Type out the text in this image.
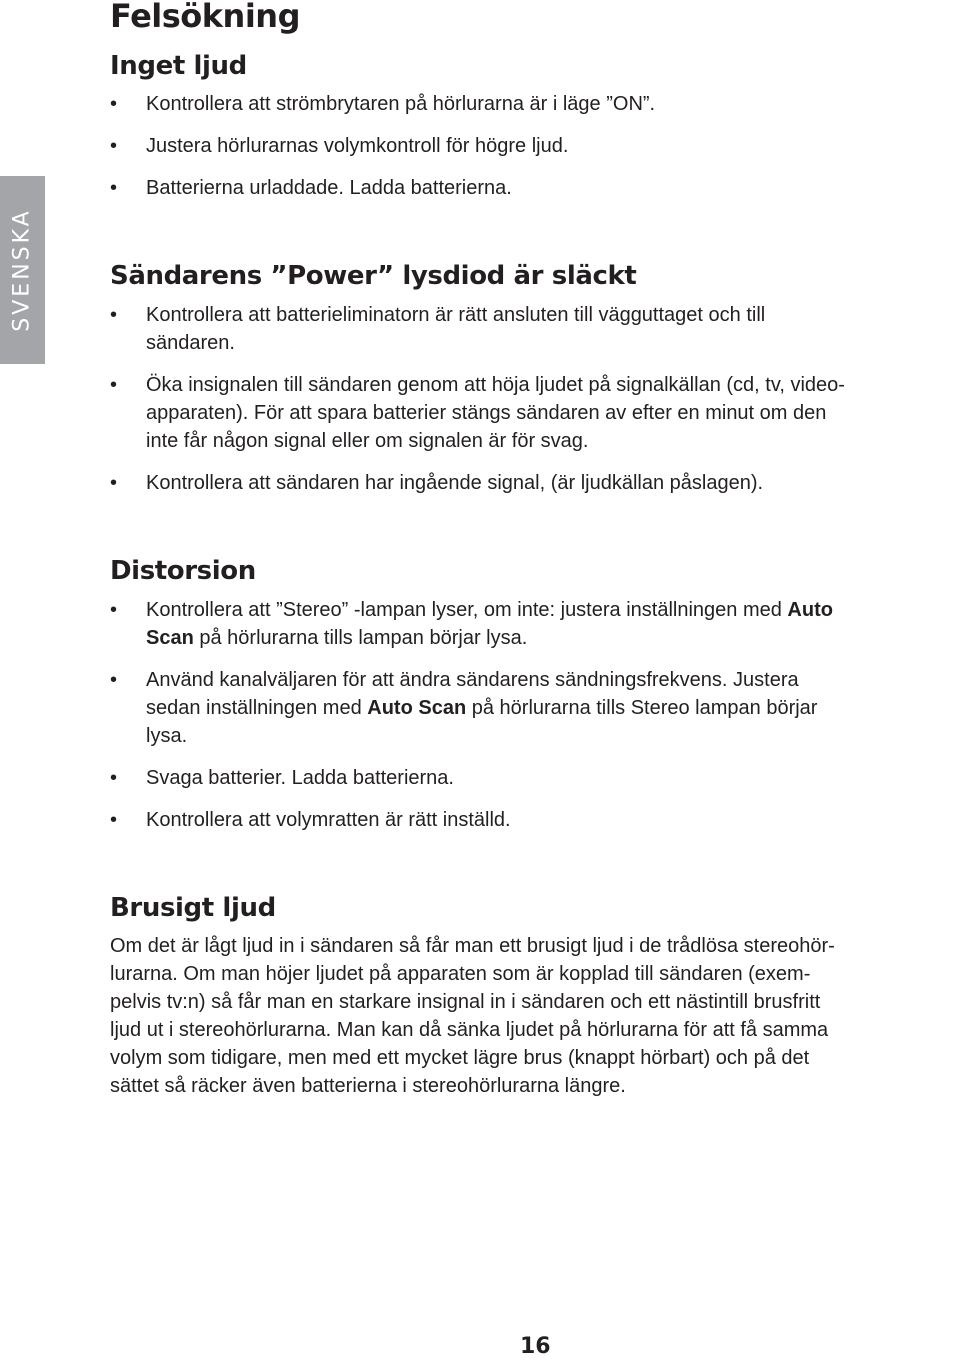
SVENSKA
Felsökning
Inget ljud
• Kontrollera att strömbrytaren på hörlurarna är i läge ”ON”.
• Justera hörlurarnas volymkontroll för högre ljud.
• Batterierna urladdade. Ladda batterierna.
Sändarens ”Power” lysdiod är släckt
• Kontrollera att batterieliminatorn är rätt ansluten till vägguttaget och till
sändaren.
• Öka insignalen till sändaren genom att höja ljudet på signalkällan (cd, tv, video-
apparaten). För att spara batterier stängs sändaren av efter en minut om den
inte får någon signal eller om signalen är för svag.
• Kontrollera att sändaren har ingående signal, (är ljudkällan påslagen).
Distorsion
• Kontrollera att ”Stereo” -lampan lyser, om inte: justera inställningen med Auto
Scan på hörlurarna tills lampan börjar lysa.
• Använd kanalväljaren för att ändra sändarens sändningsfrekvens. Justera
sedan inställningen med Auto Scan på hörlurarna tills Stereo lampan börjar
lysa.
• Svaga batterier. Ladda batterierna.
• Kontrollera att volymratten är rätt inställd.
Brusigt ljud

Om det är lågt ljud in i sändaren så får man ett brusigt ljud i de trådlösa stereohör-
lurarna. Om man höjer ljudet på apparaten som är kopplad till sändaren (exem-
pelvis tv:n) så får man en starkare insignal in i sändaren och ett nästintill brusfritt
ljud ut i stereohörlurarna. Man kan då sänka ljudet på hörlurarna för att få samma
volym som tidigare, men med ett mycket lägre brus (knappt hörbart) och på det
sättet så räcker även batterierna i stereohörlurarna längre.

16
